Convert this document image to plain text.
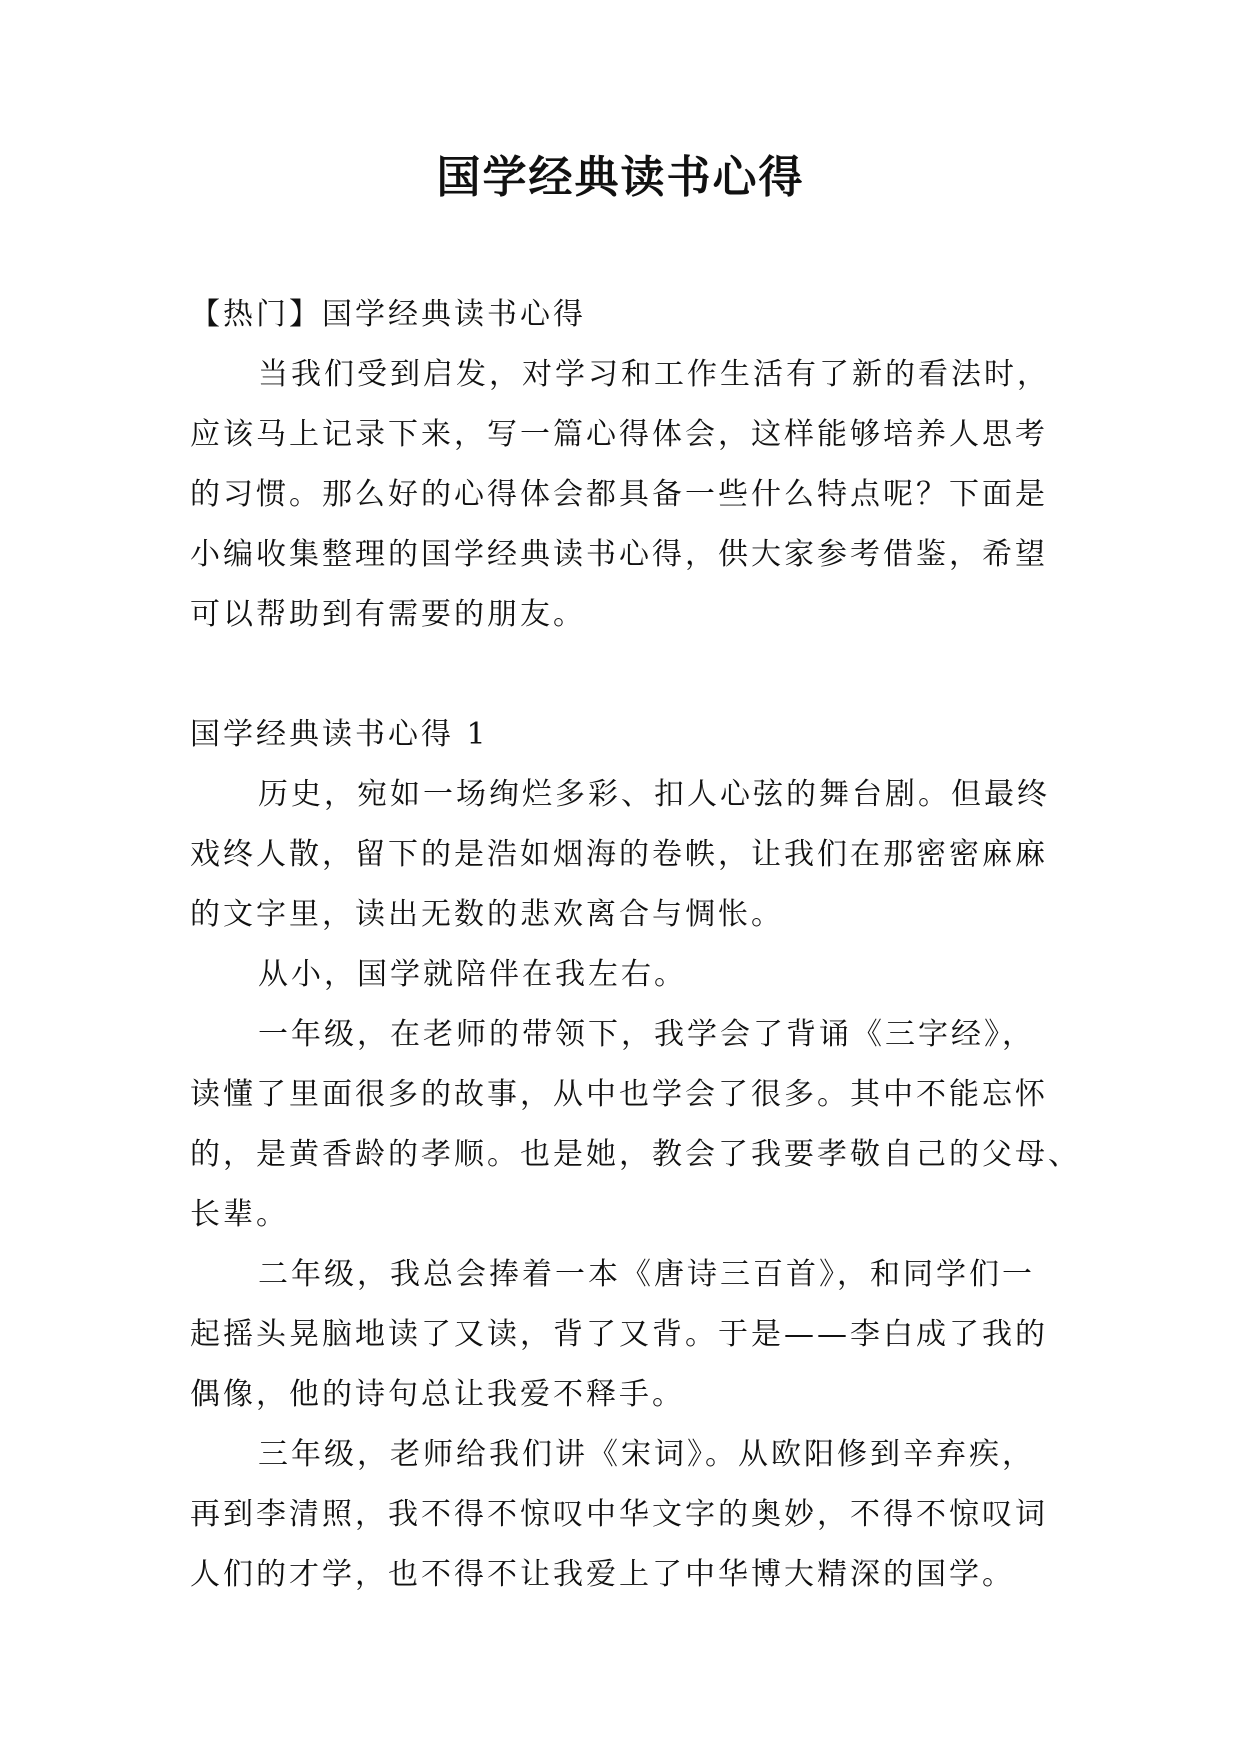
国学经典读书心得
【热门】国学经典读书心得
当我们受到启发，对学习和工作生活有了新的看法时，
应该马上记录下来，写一篇心得体会，这样能够培养人思考
的习惯。那么好的心得体会都具备一些什么特点呢？下面是
小编收集整理的国学经典读书心得，供大家参考借鉴，希望
可以帮助到有需要的朋友。
国学经典读书心得 1
历史，宛如一场绚烂多彩、扣人心弦的舞台剧。但最终
戏终人散，留下的是浩如烟海的卷帙，让我们在那密密麻麻
的文字里，读出无数的悲欢离合与惆怅。
从小，国学就陪伴在我左右。
一年级，在老师的带领下，我学会了背诵《三字经》，
读懂了里面很多的故事，从中也学会了很多。其中不能忘怀
的，是黄香龄的孝顺。也是她，教会了我要孝敬自己的父母、
长辈。
二年级，我总会捧着一本《唐诗三百首》，和同学们一
起摇头晃脑地读了又读，背了又背。于是——李白成了我的
偶像，他的诗句总让我爱不释手。
三年级，老师给我们讲《宋词》。从欧阳修到辛弃疾，
再到李清照，我不得不惊叹中华文字的奥妙，不得不惊叹词
人们的才学，也不得不让我爱上了中华博大精深的国学。
